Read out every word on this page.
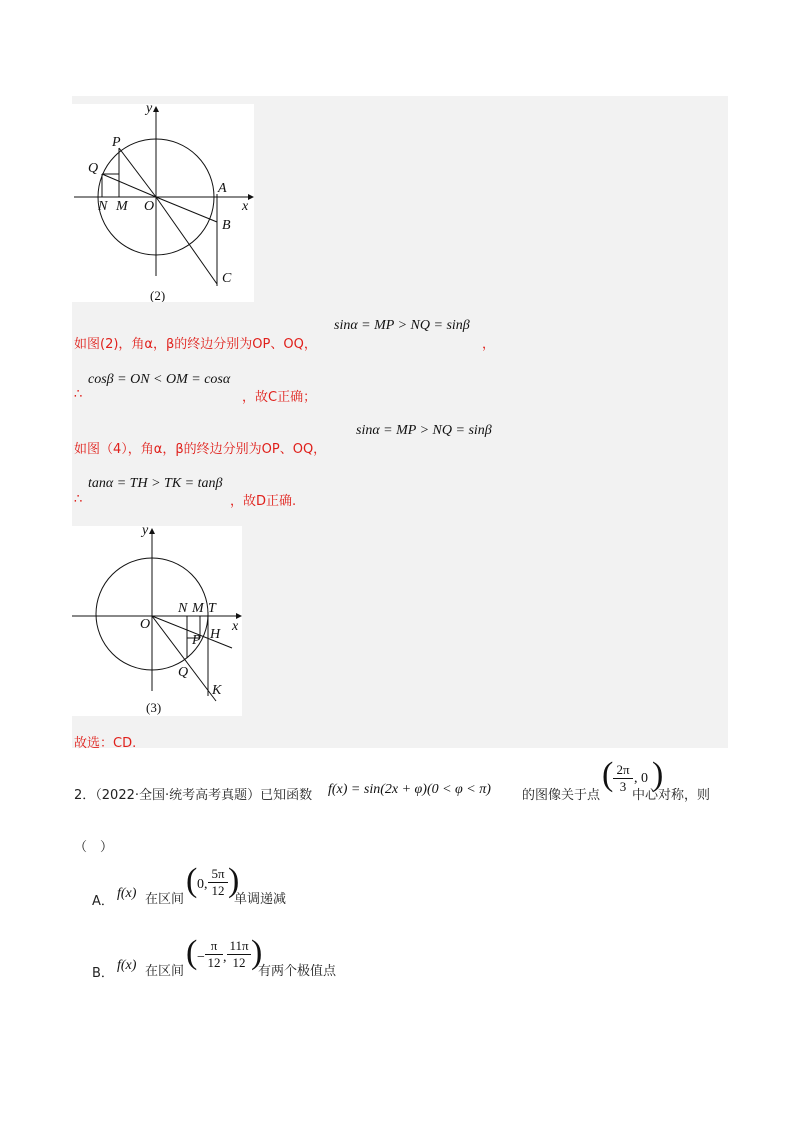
y
x
P
Q
N M O
A
B
C
(2)
如图(2)，角α，β的终边分别为OP、OQ，
sinα = MP > NQ = sinβ
，
cosβ = ON < OM = cosα
∴	，故C正确；
如图（4），角α，β的终边分别为OP、OQ，
sinα = MP > NQ = sinβ
tanα = TH > TK = tanβ
∴	，故D正确.
y
x
N M T
O
P H
Q
K
(3)
故选：CD.
2．（2022·全国·统考高考真题）已知函数 f(x) = sin(2x + φ)(0 < φ < π) 的图像关于点
( $\frac{2\pi}{3}$ , 0 )
中心对称，则
（　）
A．
f(x) 在区间
( 0, $\frac{5\pi}{12}$ )
单调递减
B．
f(x) 在区间
( − $\frac{\pi}{12}$ , $\frac{11\pi}{12}$ )
有两个极值点
